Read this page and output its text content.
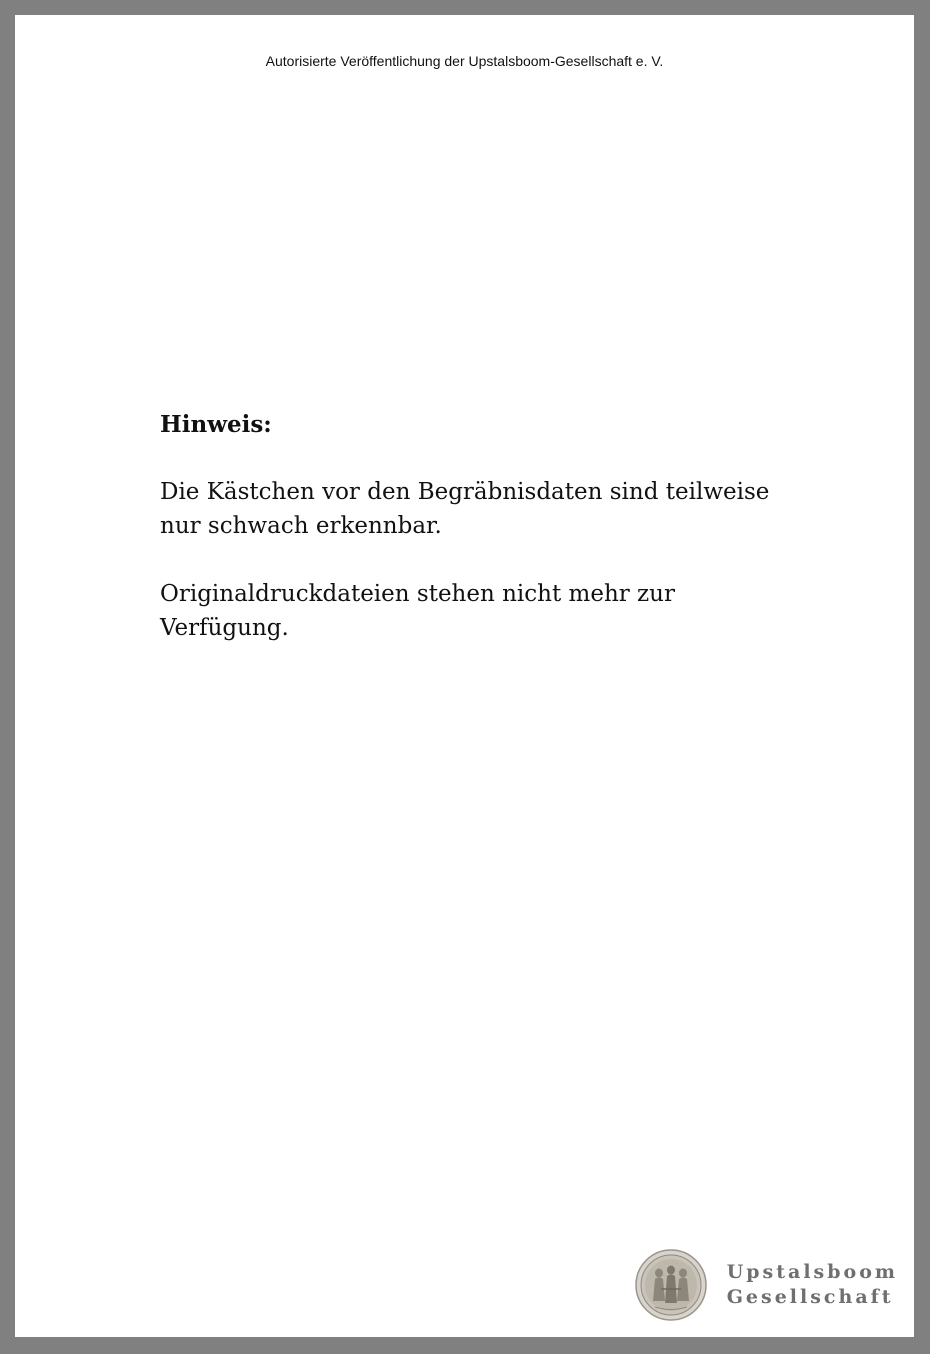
Autorisierte Veröffentlichung der Upstalsboom-Gesellschaft e. V.
Hinweis:

Die Kästchen vor den Begräbnisdaten sind teilweise nur schwach erkennbar.

Originaldruckdateien stehen nicht mehr zur Verfügung.

Upstalsboom
Gesellschaft
